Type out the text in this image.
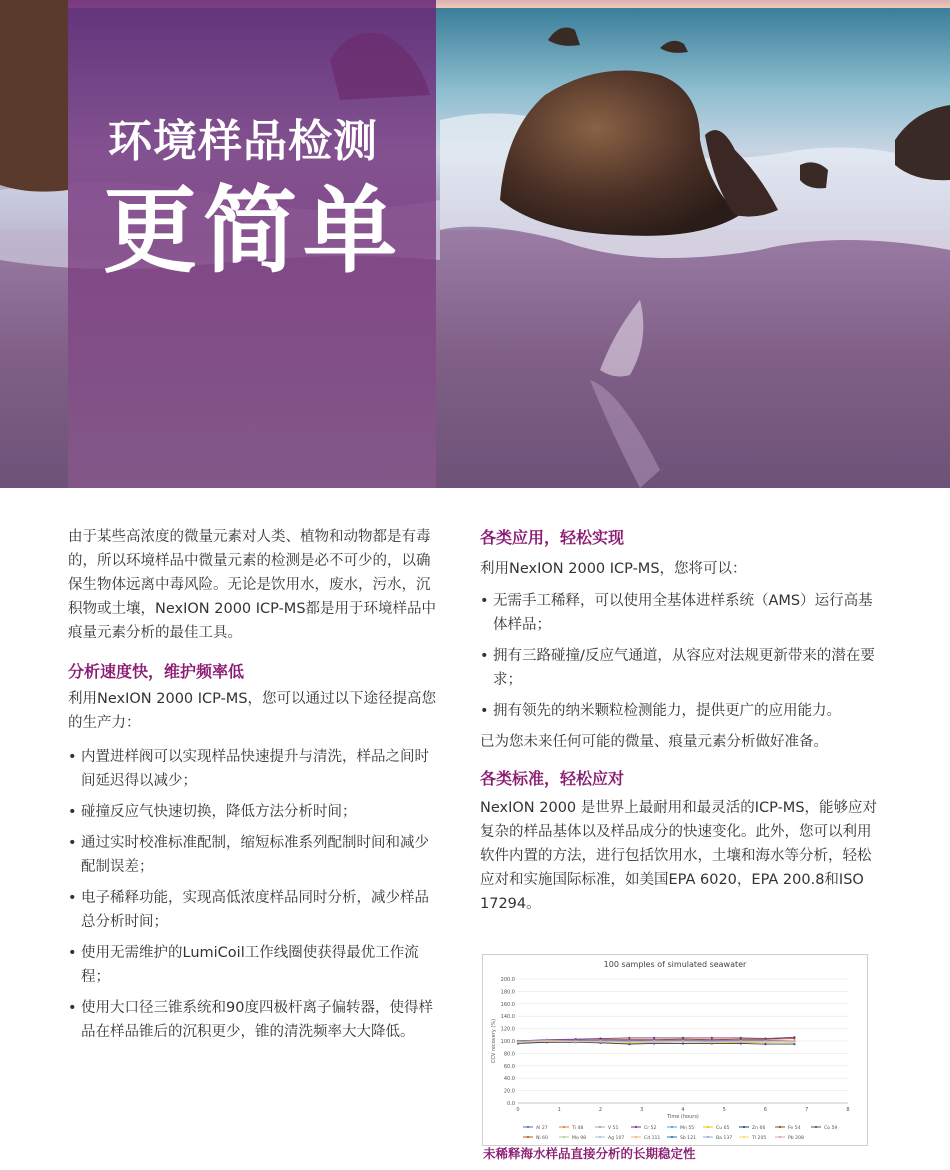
环境样品检测
更简单

由于某些高浓度的微量元素对人类、植物和动物都是有毒的，所以环境样品中微量元素的检测是必不可少的，以确保生物体远离中毒风险。无论是饮用水，废水，污水，沉积物或土壤，NexION 2000 ICP-MS都是用于环境样品中痕量元素分析的最佳工具。

分析速度快，维护频率低

利用NexION 2000 ICP-MS，您可以通过以下途径提高您的生产力：

• 内置进样阀可以实现样品快速提升与清洗，样品之间时间延迟得以减少；
• 碰撞反应气快速切换，降低方法分析时间；
• 通过实时校准标准配制，缩短标准系列配制时间和减少配制误差；
• 电子稀释功能，实现高低浓度样品同时分析，减少样品总分析时间；
• 使用无需维护的LumiCoil工作线圈使获得最优工作流程；
• 使用大口径三锥系统和90度四极杆离子偏转器，使得样品在样品锥后的沉积更少，锥的清洗频率大大降低。
各类应用，轻松实现

利用NexION 2000 ICP-MS，您将可以：

• 无需手工稀释，可以使用全基体进样系统（AMS）运行高基体样品；
• 拥有三路碰撞/反应气通道，从容应对法规更新带来的潜在要求；
• 拥有领先的纳米颗粒检测能力，提供更广的应用能力。

已为您未来任何可能的微量、痕量元素分析做好准备。

各类标准，轻松应对

NexION 2000 是世界上最耐用和最灵活的ICP-MS，能够应对复杂的样品基体以及样品成分的快速变化。此外，您可以利用软件内置的方法，进行包括饮用水，土壤和海水等分析，轻松应对和实施国际标准，如美国EPA 6020，EPA 200.8和ISO 17294。

100 samples of simulated seawater
0.0
20.0
40.0
60.0
80.0
100.0
120.0
140.0
160.0
180.0
200.0
0	1	2	3	4	5	6	7	8
Time (hours)
CCV recovery (%)
Al 27	Ti 48	V 51	Cr 52	Mn 55	Cu 65	Zn 66	Fe 54	Co 59
Ni 60	Mo 98	Ag 107	Cd 111	Sb 121	Ba 137	Tl 205	Pb 208
未稀释海水样品直接分析的长期稳定性
